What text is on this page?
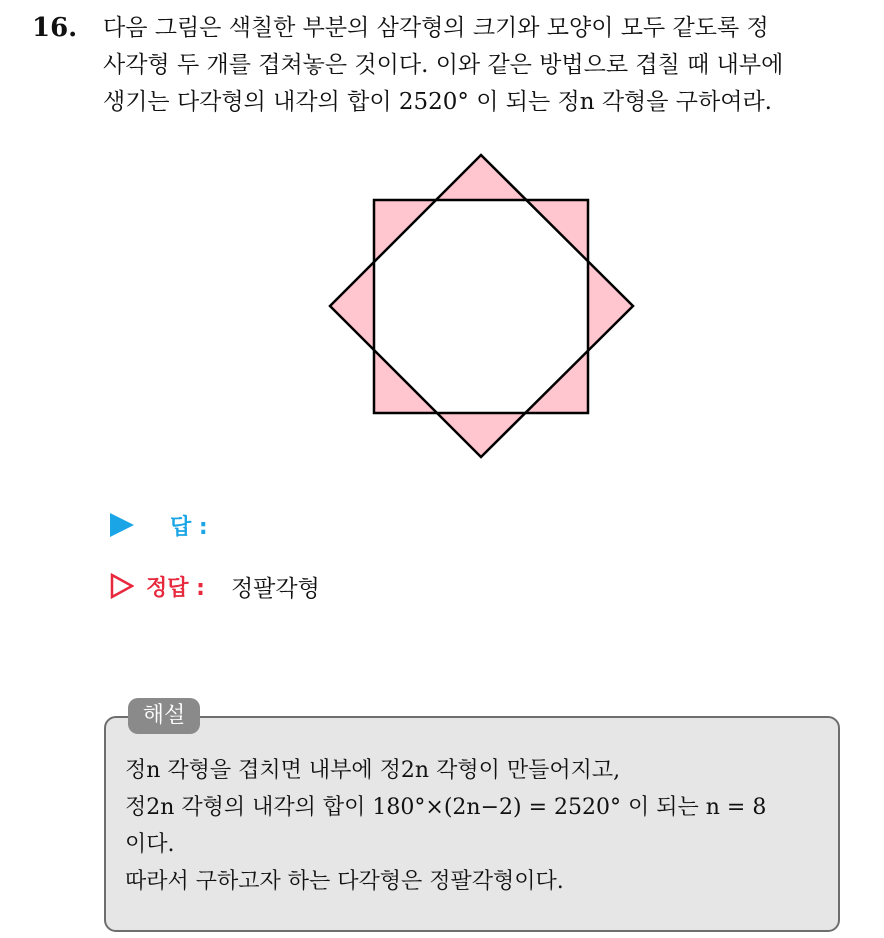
16. 다음 그림은 색칠한 부분의 삼각형의 크기와 모양이 모두 같도록 정
사각형 두 개를 겹쳐놓은 것이다. 이와 같은 방법으로 겹칠 때 내부에
생기는 다각형의 내각의 합이 2520° 이 되는 정n 각형을 구하여라.
답 :
정답 : 정팔각형
해설
정n 각형을 겹치면 내부에 정2n 각형이 만들어지고,
정2n 각형의 내각의 합이 180°×(2n−2) = 2520° 이 되는 n = 8
이다.
따라서 구하고자 하는 다각형은 정팔각형이다.
